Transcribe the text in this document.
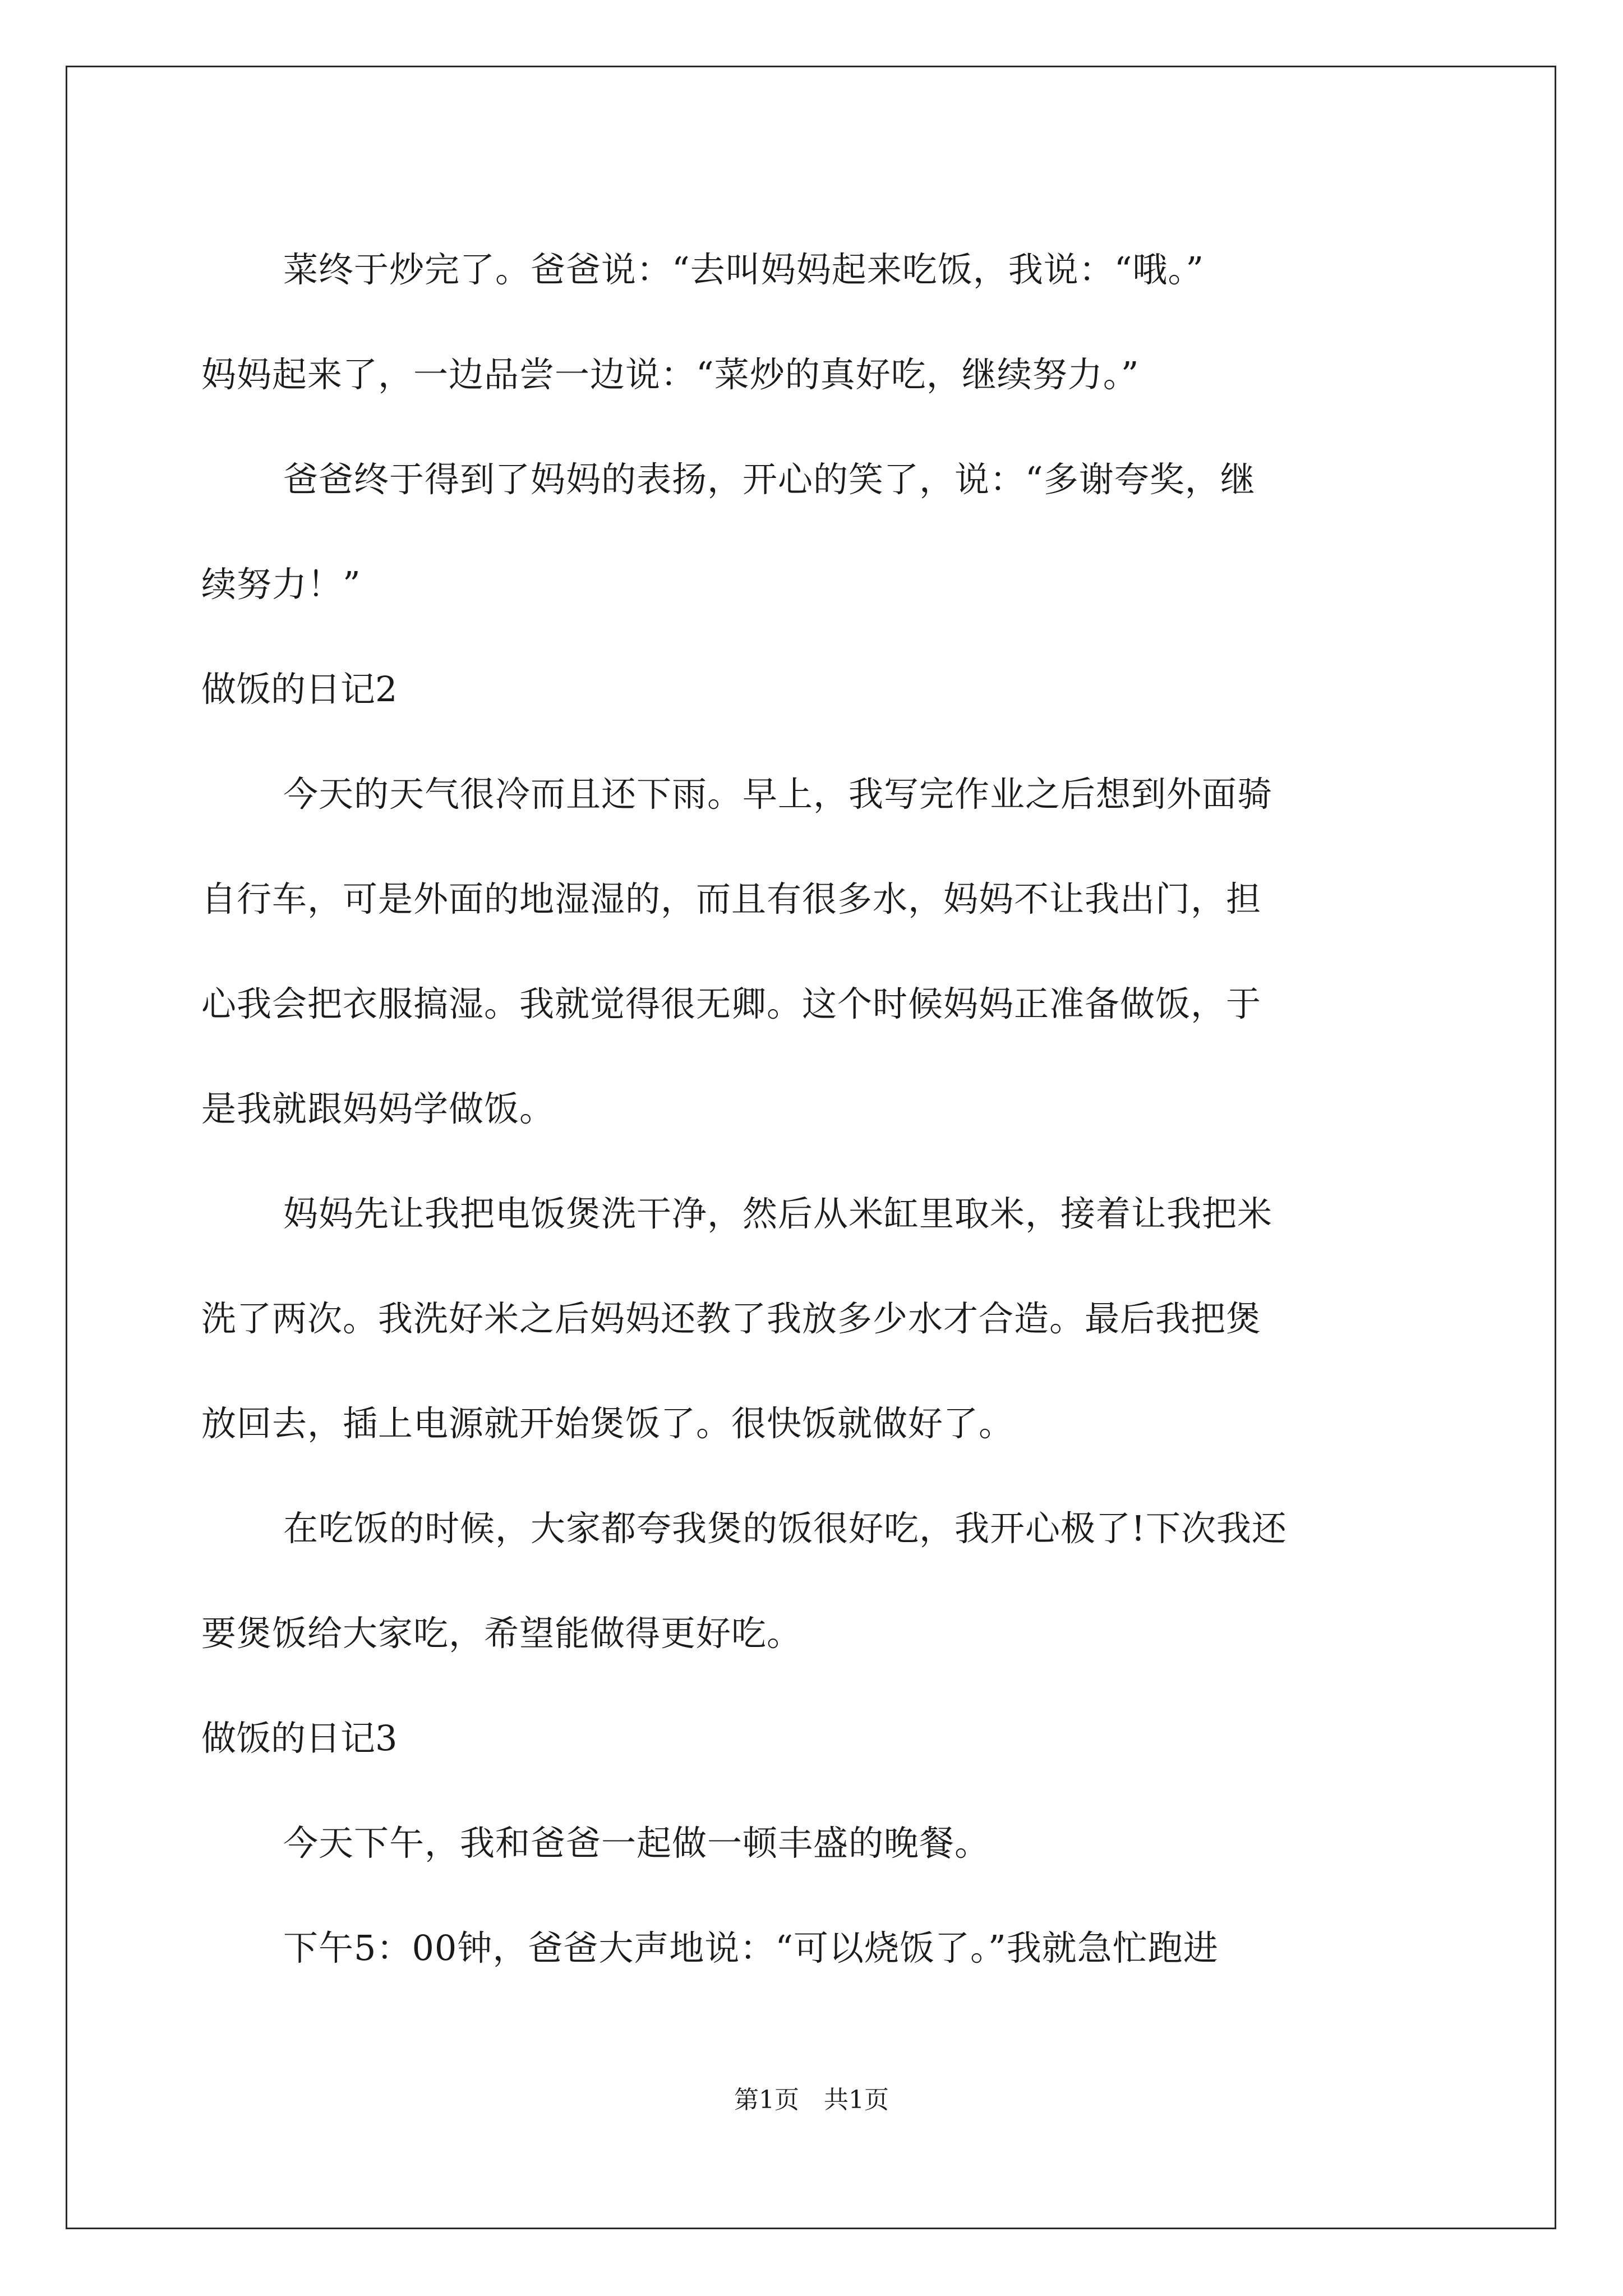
菜终于炒完了。爸爸说：“去叫妈妈起来吃饭，我说：“哦。”

妈妈起来了，一边品尝一边说：“菜炒的真好吃，继续努力。”

爸爸终于得到了妈妈的表扬，开心的笑了，说：“多谢夸奖，继

续努力！”

做饭的日记2

今天的天气很冷而且还下雨。早上，我写完作业之后想到外面骑

自行车，可是外面的地湿湿的，而且有很多水，妈妈不让我出门，担

心我会把衣服搞湿。我就觉得很无卿。这个时候妈妈正准备做饭，于

是我就跟妈妈学做饭。

妈妈先让我把电饭煲洗干净，然后从米缸里取米，接着让我把米

洗了两次。我洗好米之后妈妈还教了我放多少水才合造。最后我把煲

放回去，插上电源就开始煲饭了。很快饭就做好了。

在吃饭的时候，大家都夸我煲的饭很好吃，我开心极了!下次我还

要煲饭给大家吃，希望能做得更好吃。

做饭的日记3

今天下午，我和爸爸一起做一顿丰盛的晚餐。

下午5：00钟，爸爸大声地说：“可以烧饭了。”我就急忙跑进

第1页　共1页
